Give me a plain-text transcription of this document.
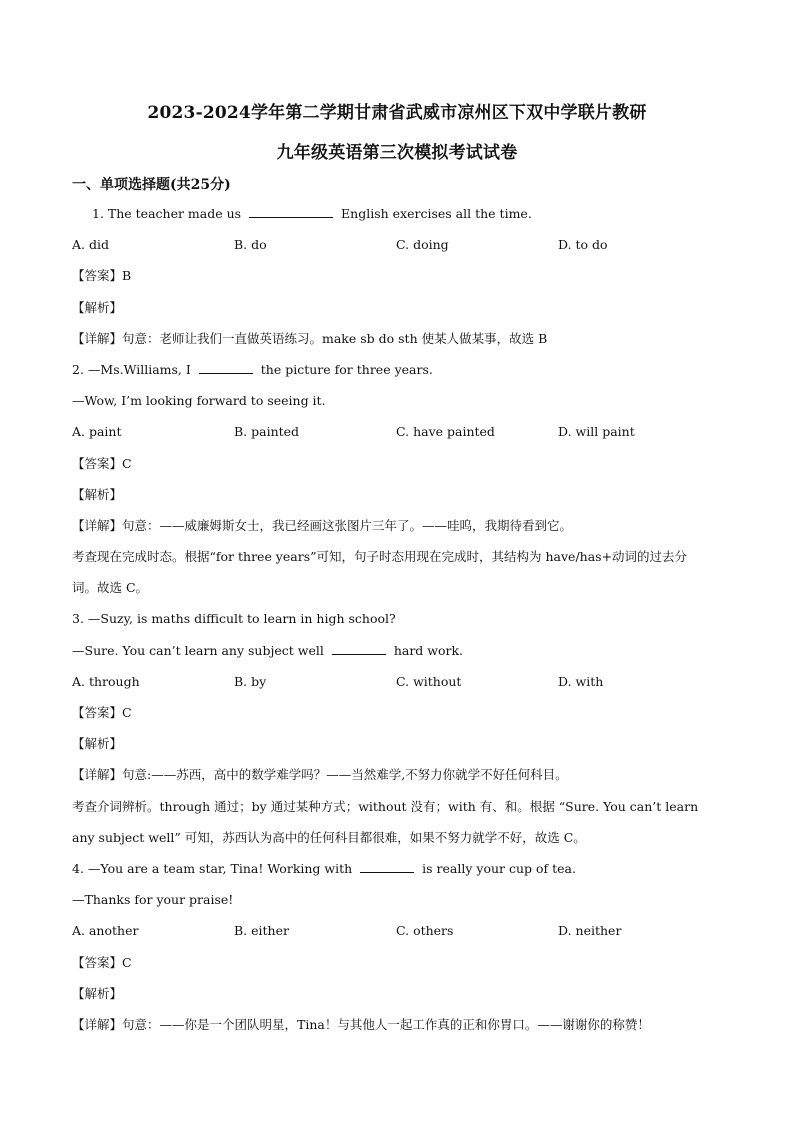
2023-2024学年第二学期甘肃省武威市凉州区下双中学联片教研
九年级英语第三次模拟考试试卷
一、单项选择题(共25分)
1. The teacher made us	English exercises all the time.
A. did	B. do	C. doing	D. to do
【答案】B
【解析】
【详解】句意：老师让我们一直做英语练习。make sb do sth 使某人做某事，故选 B
2. —Ms.Williams, I	the picture for three years.
—Wow, I’m looking forward to seeing it.
A. paint	B. painted	C. have painted	D. will paint
【答案】C
【解析】
【详解】句意：——威廉姆斯女士，我已经画这张图片三年了。——哇呜，我期待看到它。
考查现在完成时态。根据“for three years”可知，句子时态用现在完成时，其结构为 have/has+动词的过去分
词。故选 C。
3. —Suzy, is maths difficult to learn in high school?
—Sure. You can’t learn any subject well	hard work.
A. through	B. by	C. without	D. with
【答案】C
【解析】
【详解】句意:——苏西，高中的数学难学吗？——当然难学,不努力你就学不好任何科目。
考查介词辨析。through 通过；by 通过某种方式；without 没有；with 有、和。根据 “Sure. You can’t learn
any subject well” 可知，苏西认为高中的任何科目都很难，如果不努力就学不好，故选 C。
4. —You are a team star, Tina! Working with	is really your cup of tea.
—Thanks for your praise!
A. another	B. either	C. others	D. neither
【答案】C
【解析】
【详解】句意：——你是一个团队明星，Tina！与其他人一起工作真的正和你胃口。——谢谢你的称赞！
